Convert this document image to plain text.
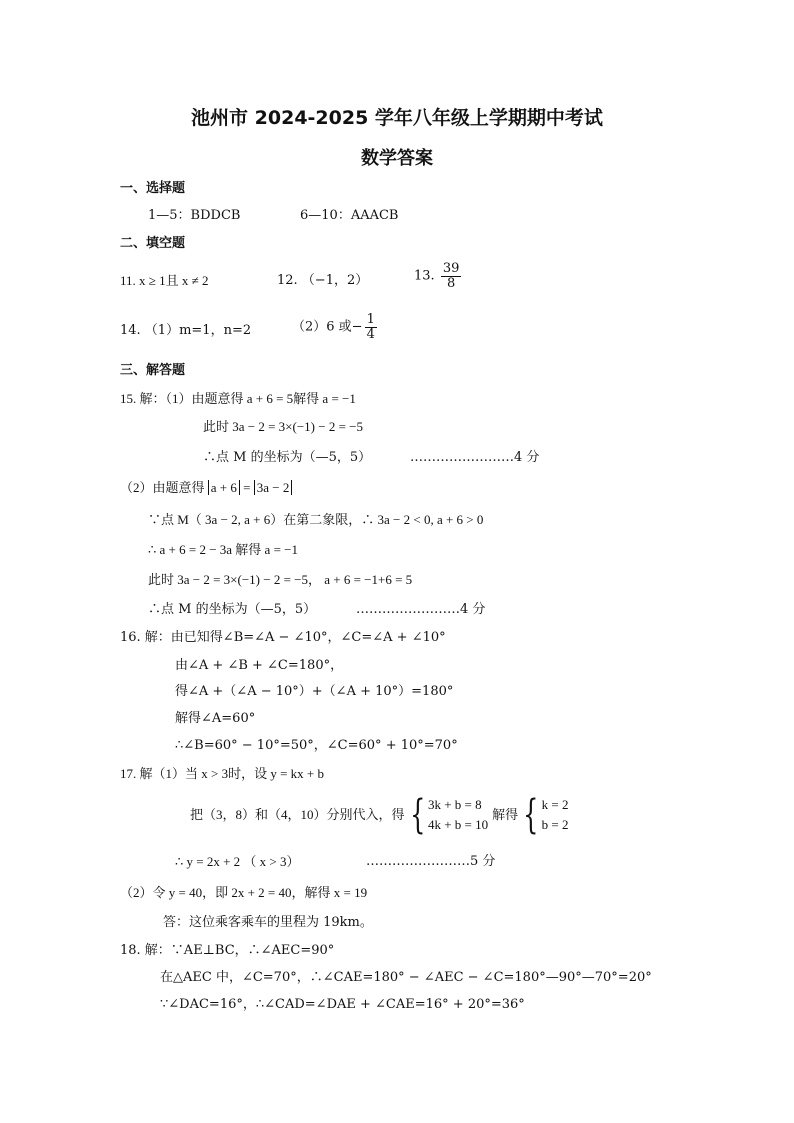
池州市 2024-2025 学年八年级上学期期中考试
数学答案
一、选择题
1—5：BDDCB	6—10：AAACB
二、填空题
11. x ≥ 1且 x ≠ 2	12. （−1，2）	13. $\frac{39}{8}$
14. （1）m=1，n=2	（2）6 或− $\frac{1}{4}$
三、解答题
15. 解：（1）由题意得 a + 6 = 5解得 a = −1
此时 3a − 2 = 3×(−1) − 2 = −5
∴点 M 的坐标为（—5，5）	……………………4 分
（2）由题意得 a + 6 = 3a − 2
∵点 M（ 3a − 2, a + 6）在第二象限，∴ 3a − 2 < 0, a + 6 > 0
∴ a + 6 = 2 − 3a 解得 a = −1
此时 3a − 2 = 3×(−1) − 2 = −5， a + 6 = −1+6 = 5
∴点 M 的坐标为（—5，5）	……………………4 分
16. 解：由已知得∠B=∠A − ∠10°，∠C=∠A + ∠10°
由∠A + ∠B + ∠C=180°，
得∠A +（∠A − 10°）+（∠A + 10°）=180°
解得∠A=60°
∴∠B=60° − 10°=50°，∠C=60° + 10°=70°
17. 解（1）当 x > 3时，设 y = kx + b
把（3，8）和（4，10）分别代入，得 { 3k + b = 8
4k + b = 10
解得 { k = 2
b = 2
∴ y = 2x + 2 （ x > 3）	……………………5 分
（2）令 y = 40，即 2x + 2 = 40，解得 x = 19
答：这位乘客乘车的里程为 19km。
18. 解：∵AE⊥BC，∴∠AEC=90°
在△AEC 中，∠C=70°，∴∠CAE=180° − ∠AEC − ∠C=180°—90°—70°=20°
∵∠DAC=16°，∴∠CAD=∠DAE + ∠CAE=16° + 20°=36°
